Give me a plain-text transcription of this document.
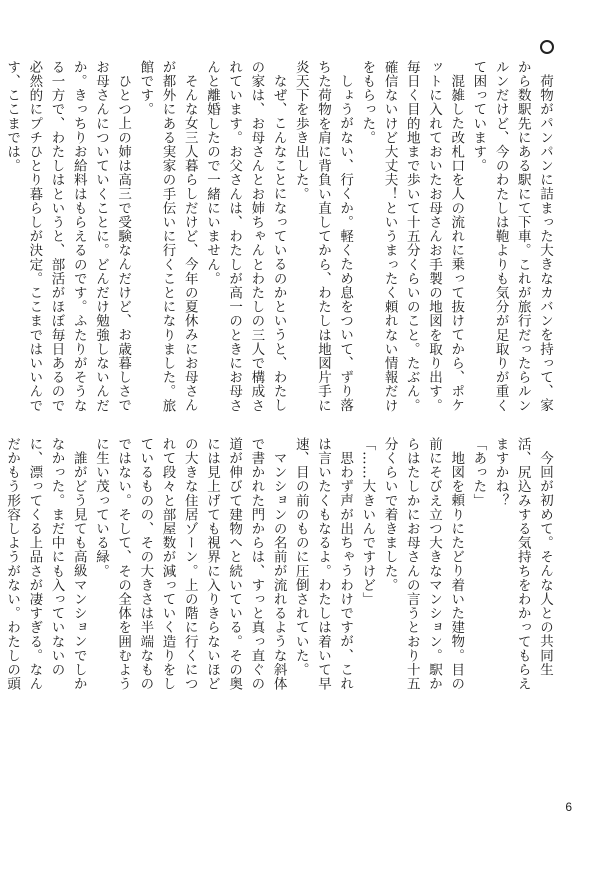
荷物がパンパンに詰まった大きなカバンを持って、家から数駅先にある駅にて下車。これが旅行だったらルンルンだけど、今のわたしは鞄よりも気分が足取りが重くて困っています。

混雑した改札口を人の流れに乗って抜けてから、ポケットに入れておいたお母さんお手製の地図を取り出す。毎日く目的地まで歩いて十五分くらいのこと。たぶん。確信ないけど大丈夫！というまったく頼れない情報だけをもらった。

しょうがない、行くか。軽くため息をついて、ずり落ちた荷物を肩に背負い直してから、わたしは地図片手に炎天下を歩き出した。

なぜ、こんなことになっているのかというと、わたしの家は、お母さんとお姉ちゃんとわたしの三人で構成されています。お父さんは、わたしが高一のときにお母さんと離婚したので一緒にいません。

そんな女三人暮らしだけど、今年の夏休みにお母さんが都外にある実家の手伝いに行くことになりました。旅館です。

ひとつ上の姉は高三で受験なんだけど、お歳暮しさでお母さんについていくことに。どんだけ勉強しないんだか。きっちりお給料はもらえるのです。ふたりがそうなる一方で、わたしはというと、部活がほぼ毎日あるので必然的にプチひとり暮らしが決定。ここまではいいんです、ここまでは。

今回が初めて。そんな人との共同生活、尻込みする気持ちをわかってもらえますかね？

「あった」

地図を頼りにたどり着いた建物。目の前にそびえ立つ大きなマンション。駅からはたしかにお母さんの言うとおり十五分くらいで着きました。

「……大きいんですけど」

思わず声が出ちゃうわけですが、これは言いたくもなるよ。わたしは着いて早速、目の前のものに圧倒されていた。

マンションの名前が流れるような斜体で書かれた門からは、すっと真っ直ぐの道が伸びて建物へと続いている。その奥には見上げても視界に入りきらないほどの大きな住居ゾーン。上の階に行くにつれて段々と部屋数が減っていく造りをしているものの、その大きさは半端なものではない。そして、その全体を囲むように生い茂っている緑。

誰がどう見ても高級マンションでしかなかった。まだ中にも入っていないのに、漂ってくる上品さが凄すぎる。なんだかもう形容しようがない。わたしの頭

6
